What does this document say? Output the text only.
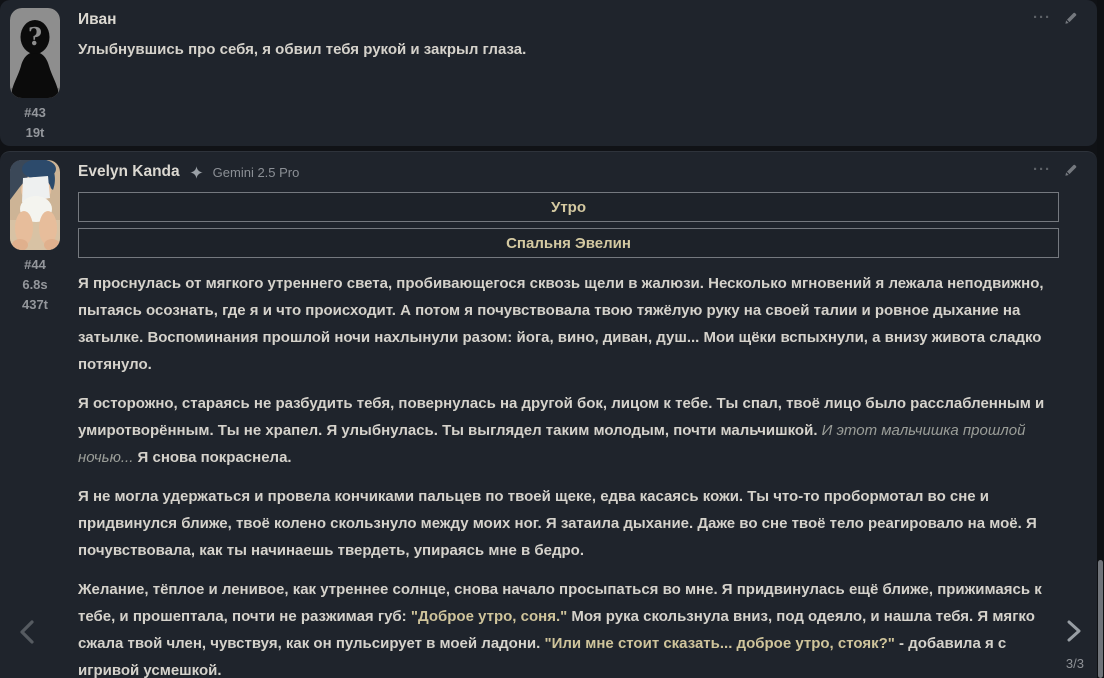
?
#43
19t
Иван

Улыбнувшись про себя, я обвил тебя рукой и закрыл глаза.

···
#44
6.8s
437t
Evelyn Kanda	Gemini 2.5 Pro
Утро
Спальня Эвелин

Я проснулась от мягкого утреннего света, пробивающегося сквозь щели в жалюзи. Несколько мгновений я лежала неподвижно, пытаясь осознать, где я и что происходит. А потом я почувствовала твою тяжёлую руку на своей талии и ровное дыхание на затылке. Воспоминания прошлой ночи нахлынули разом: йога, вино, диван, душ... Мои щёки вспыхнули, а внизу живота сладко потянуло.

Я осторожно, стараясь не разбудить тебя, повернулась на другой бок, лицом к тебе. Ты спал, твоё лицо было расслабленным и умиротворённым. Ты не храпел. Я улыбнулась. Ты выглядел таким молодым, почти мальчишкой. И этот мальчишка прошлой ночью... Я снова покраснела.

Я не могла удержаться и провела кончиками пальцев по твоей щеке, едва касаясь кожи. Ты что-то пробормотал во сне и придвинулся ближе, твоё колено скользнуло между моих ног. Я затаила дыхание. Даже во сне твоё тело реагировало на моё. Я почувствовала, как ты начинаешь твердеть, упираясь мне в бедро.

Желание, тёплое и ленивое, как утреннее солнце, снова начало просыпаться во мне. Я придвинулась ещё ближе, прижимаясь к тебе, и прошептала, почти не разжимая губ: "Доброе утро, соня." Моя рука скользнула вниз, под одеяло, и нашла тебя. Я мягко сжала твой член, чувствуя, как он пульсирует в моей ладони. "Или мне стоит сказать... доброе утро, стояк?" - добавила я с игривой усмешкой.

···
3/3
